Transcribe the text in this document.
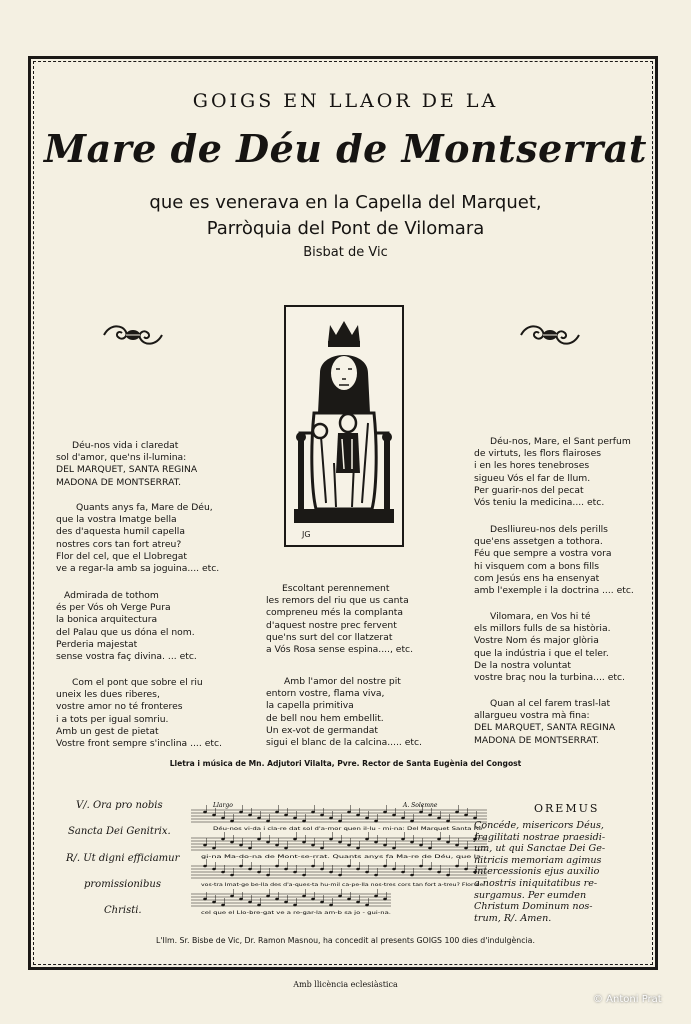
GOIGS EN LLAOR DE LA
Mare de Déu de Montserrat
que es venerava en la Capella del Marquet,
Parròquia del Pont de Vilomara
Bisbat de Vic
JG
Déu-nos vida i claredat
sol d'amor, que'ns il-lumina:
DEL MARQUET, SANTA REGINA
MADONA DE MONTSERRAT.
Quants anys fa, Mare de Déu,
que la vostra Imatge bella
des d'aquesta humil capella
nostres cors tan fort atreu?
Flor del cel, que el Llobregat
ve a regar-la amb sa joguina.... etc.
Admirada de tothom
és per Vós oh Verge Pura
la bonica arquitectura
del Palau que us dóna el nom.
Perderia majestat
sense vostra faç divina. ... etc.
Com el pont que sobre el riu
uneix les dues riberes,
vostre amor no té fronteres
i a tots per igual somriu.
Amb un gest de pietat
Vostre front sempre s'inclina .... etc.
Escoltant perennement
les remors del riu que us canta
compreneu més la complanta
d'aquest nostre prec fervent
que'ns surt del cor llatzerat
a Vós Rosa sense espina...., etc.
Amb l'amor del nostre pit
entorn vostre, flama viva,
la capella primitiva
de bell nou hem embellit.
Un ex-vot de germandat
sigui el blanc de la calcina..... etc.
Déu-nos, Mare, el Sant perfum
de virtuts, les flors flairoses
i en les hores tenebroses
sigueu Vós el far de llum.
Per guarir-nos del pecat
Vós teniu la medicina.... etc.
Deslliureu-nos dels perills
que'ens assetgen a tothora.
Féu que sempre a vostra vora
hi visquem com a bons fills
com Jesús ens ha ensenyat
amb l'exemple i la doctrina .... etc.
Vilomara, en Vos hi té
els millors fulls de sa història.
Vostre Nom és major glòria
que la indústria i que el teler.
De la nostra voluntat
vostre braç nou la turbina.... etc.
Quan al cel farem trasl-lat
allargueu vostra mà fina:
DEL MARQUET, SANTA REGINA
MADONA DE MONTSERRAT.
Lletra i música de Mn. Adjutori Vilalta, Pvre. Rector de Santa Eugènia del Congost
V/. Ora pro nobis
Sancta Dei Genitrix.
R/. Ut digni efficiamur
promissionibus
Christi.
Llargo	A. Solemne
Déu-nos vi-da i cla-re dat sol d'a-mor quen il-lu - mi-na: Del Marquet Santa Re-
gi-na Ma-do-na de Mont-se-rrat. Quants anys fa Ma-re de Déu, que la
vos-tra Imat-ge be-lla des d'a-ques-ta hu-mil ca-pe-lla nos-tres cors tan fort a-treu? Flor del
cel que el Llo-bre-gat ve a re-gar-la am-b sa jo - gui-na.
OREMUS
Concéde, misericors Déus,
fragilitati nostrae praesidi-
um, ut qui Sanctae Dei Ge-
nitricis memoriam agimus
intercessionis ejus auxilio
a nostris iniquitatibus re-
surgamus. Per eumden
Christum Dominum nos-
trum, R/. Amen.
L'Ilm. Sr. Bisbe de Vic, Dr. Ramon Masnou, ha concedit al presents GOIGS 100 dies d'indulgència.
Amb llicència eclesiàstica
© Antoni Prat
